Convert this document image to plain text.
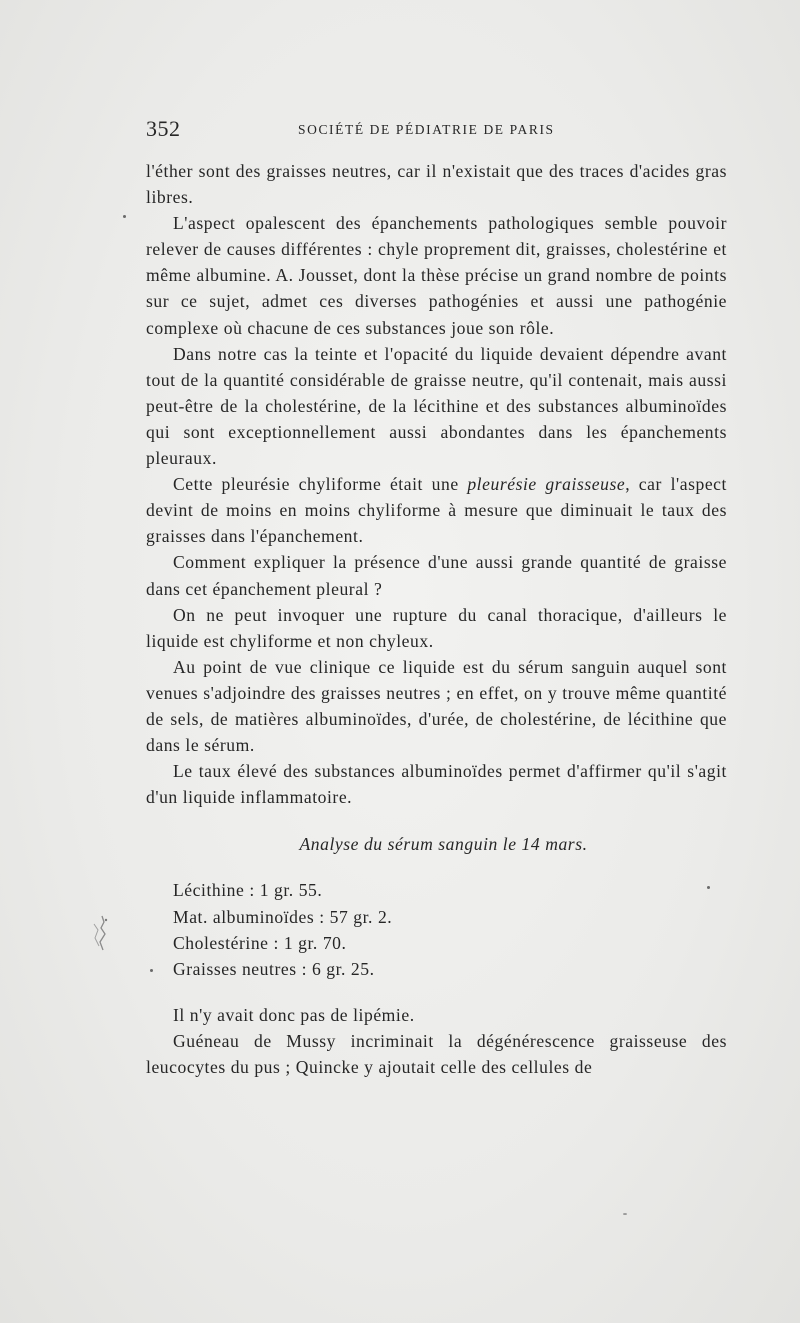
352	SOCIÉTÉ DE PÉDIATRIE DE PARIS

l'éther sont des graisses neutres, car il n'existait que des traces d'acides gras libres.

L'aspect opalescent des épanchements pathologiques semble pouvoir relever de causes différentes : chyle proprement dit, graisses, cholestérine et même albumine. A. Jousset, dont la thèse précise un grand nombre de points sur ce sujet, admet ces diverses pathogénies et aussi une pathogénie complexe où chacune de ces substances joue son rôle.

Dans notre cas la teinte et l'opacité du liquide devaient dépendre avant tout de la quantité considérable de graisse neutre, qu'il contenait, mais aussi peut-être de la cholestérine, de la lécithine et des substances albuminoïdes qui sont exceptionnellement aussi abondantes dans les épanchements pleuraux.

Cette pleurésie chyliforme était une pleurésie graisseuse, car l'aspect devint de moins en moins chyliforme à mesure que diminuait le taux des graisses dans l'épanchement.

Comment expliquer la présence d'une aussi grande quantité de graisse dans cet épanchement pleural ?

On ne peut invoquer une rupture du canal thoracique, d'ailleurs le liquide est chyliforme et non chyleux.

Au point de vue clinique ce liquide est du sérum sanguin auquel sont venues s'adjoindre des graisses neutres ; en effet, on y trouve même quantité de sels, de matières albuminoïdes, d'urée, de cholestérine, de lécithine que dans le sérum.

Le taux élevé des substances albuminoïdes permet d'affirmer qu'il s'agit d'un liquide inflammatoire.

Analyse du sérum sanguin le 14 mars.
Lécithine : 1 gr. 55.
Mat. albuminoïdes : 57 gr. 2.
Cholestérine : 1 gr. 70.
Graisses neutres : 6 gr. 25.

Il n'y avait donc pas de lipémie.

Guéneau de Mussy incriminait la dégénérescence graisseuse des leucocytes du pus ; Quincke y ajoutait celle des cellules de
